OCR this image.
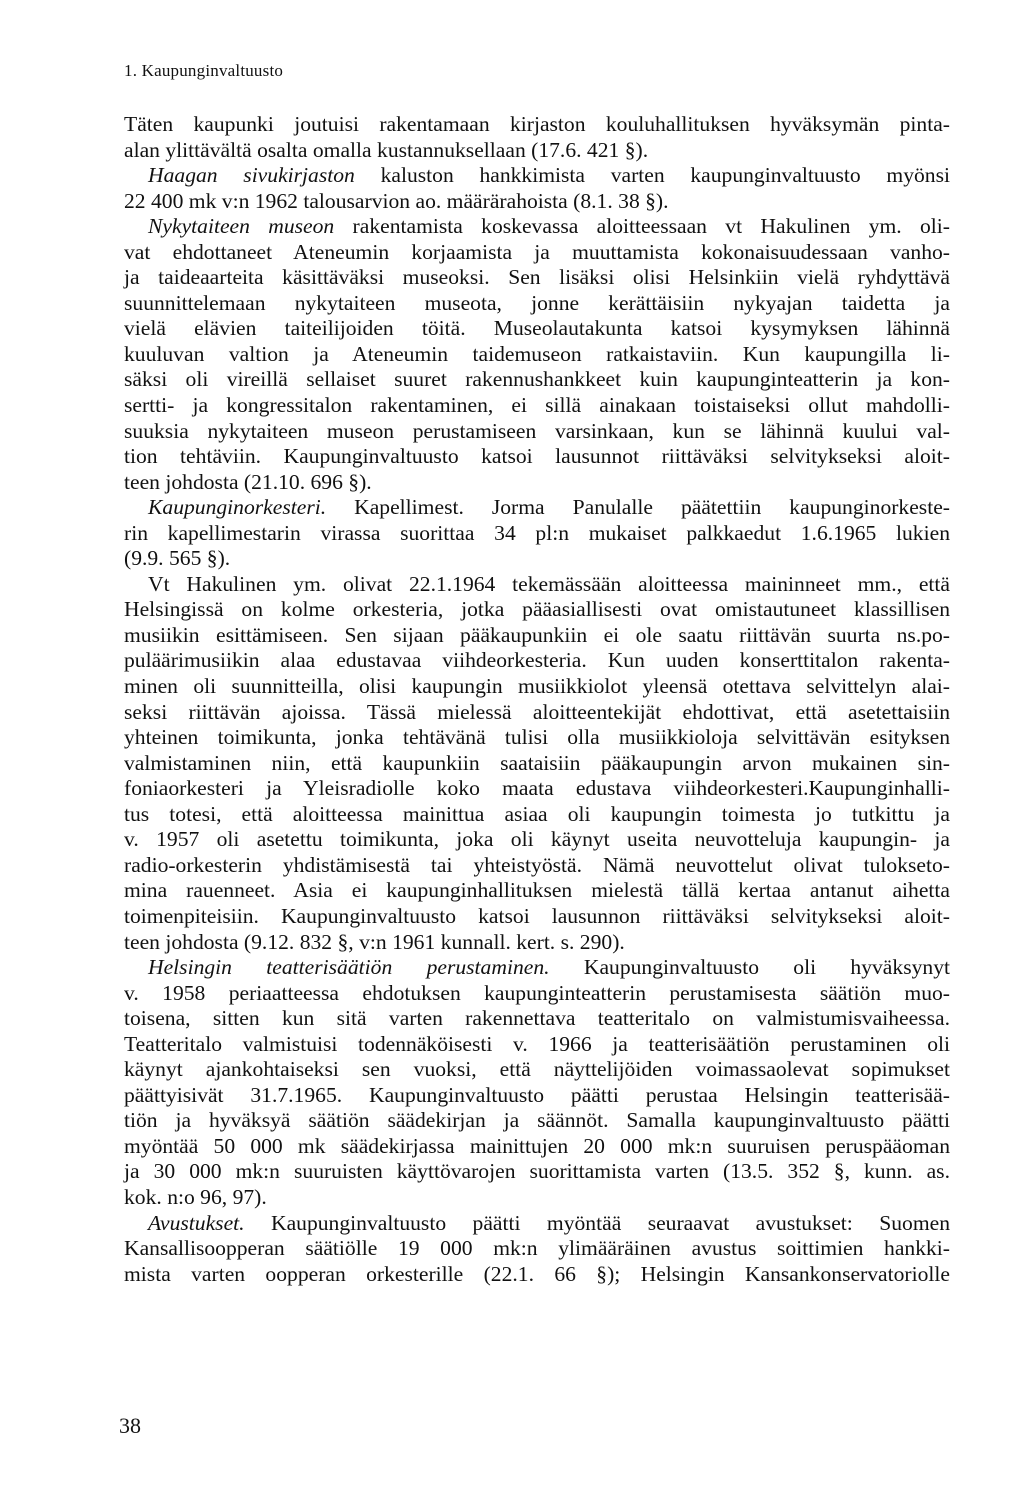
1. Kaupunginvaltuusto
Täten kaupunki joutuisi rakentamaan kirjaston kouluhallituksen hyväksymän pinta-
alan ylittävältä osalta omalla kustannuksellaan (17.6. 421 §).
Haagan sivukirjaston kaluston hankkimista varten kaupunginvaltuusto myönsi
22 400 mk v:n 1962 talousarvion ao. määrärahoista (8.1. 38 §).
Nykytaiteen museon rakentamista koskevassa aloitteessaan vt Hakulinen ym. oli-
vat ehdottaneet Ateneumin korjaamista ja muuttamista kokonaisuudessaan vanho-
ja taideaarteita käsittäväksi museoksi. Sen lisäksi olisi Helsinkiin vielä ryhdyttävä
suunnittelemaan nykytaiteen museota, jonne kerättäisiin nykyajan taidetta ja
vielä elävien taiteilijoiden töitä. Museolautakunta katsoi kysymyksen lähinnä
kuuluvan valtion ja Ateneumin taidemuseon ratkaistaviin. Kun kaupungilla li-
säksi oli vireillä sellaiset suuret rakennushankkeet kuin kaupunginteatterin ja kon-
sertti- ja kongressitalon rakentaminen, ei sillä ainakaan toistaiseksi ollut mahdolli-
suuksia nykytaiteen museon perustamiseen varsinkaan, kun se lähinnä kuului val-
tion tehtäviin. Kaupunginvaltuusto katsoi lausunnot riittäväksi selvitykseksi aloit-
teen johdosta (21.10. 696 §).
Kaupunginorkesteri. Kapellimest. Jorma Panulalle päätettiin kaupunginorkeste-
rin kapellimestarin virassa suorittaa 34 pl:n mukaiset palkkaedut 1.6.1965 lukien
(9.9. 565 §).
Vt Hakulinen ym. olivat 22.1.1964 tekemässään aloitteessa maininneet mm., että
Helsingissä on kolme orkesteria, jotka pääasiallisesti ovat omistautuneet klassillisen
musiikin esittämiseen. Sen sijaan pääkaupunkiin ei ole saatu riittävän suurta ns.po-
puläärimusiikin alaa edustavaa viihdeorkesteria. Kun uuden konserttitalon rakenta-
minen oli suunnitteilla, olisi kaupungin musiikkiolot yleensä otettava selvittelyn alai-
seksi riittävän ajoissa. Tässä mielessä aloitteentekijät ehdottivat, että asetettaisiin
yhteinen toimikunta, jonka tehtävänä tulisi olla musiikkioloja selvittävän esityksen
valmistaminen niin, että kaupunkiin saataisiin pääkaupungin arvon mukainen sin-
foniaorkesteri ja Yleisradiolle koko maata edustava viihdeorkesteri.Kaupunginhalli-
tus totesi, että aloitteessa mainittua asiaa oli kaupungin toimesta jo tutkittu ja
v. 1957 oli asetettu toimikunta, joka oli käynyt useita neuvotteluja kaupungin- ja
radio-orkesterin yhdistämisestä tai yhteistyöstä. Nämä neuvottelut olivat tulokseto-
mina rauenneet. Asia ei kaupunginhallituksen mielestä tällä kertaa antanut aihetta
toimenpiteisiin. Kaupunginvaltuusto katsoi lausunnon riittäväksi selvitykseksi aloit-
teen johdosta (9.12. 832 §, v:n 1961 kunnall. kert. s. 290).
Helsingin teatterisäätiön perustaminen. Kaupunginvaltuusto oli hyväksynyt
v. 1958 periaatteessa ehdotuksen kaupunginteatterin perustamisesta säätiön muo-
toisena, sitten kun sitä varten rakennettava teatteritalo on valmistumisvaiheessa.
Teatteritalo valmistuisi todennäköisesti v. 1966 ja teatterisäätiön perustaminen oli
käynyt ajankohtaiseksi sen vuoksi, että näyttelijöiden voimassaolevat sopimukset
päättyisivät 31.7.1965. Kaupunginvaltuusto päätti perustaa Helsingin teatterisää-
tiön ja hyväksyä säätiön säädekirjan ja säännöt. Samalla kaupunginvaltuusto päätti
myöntää 50 000 mk säädekirjassa mainittujen 20 000 mk:n suuruisen peruspääoman
ja 30 000 mk:n suuruisten käyttövarojen suorittamista varten (13.5. 352 §, kunn. as.
kok. n:o 96, 97).
Avustukset. Kaupunginvaltuusto päätti myöntää seuraavat avustukset: Suomen
Kansallisoopperan säätiölle 19 000 mk:n ylimääräinen avustus soittimien hankki-
mista varten oopperan orkesterille (22.1. 66 §); Helsingin Kansankonservatoriolle
38
